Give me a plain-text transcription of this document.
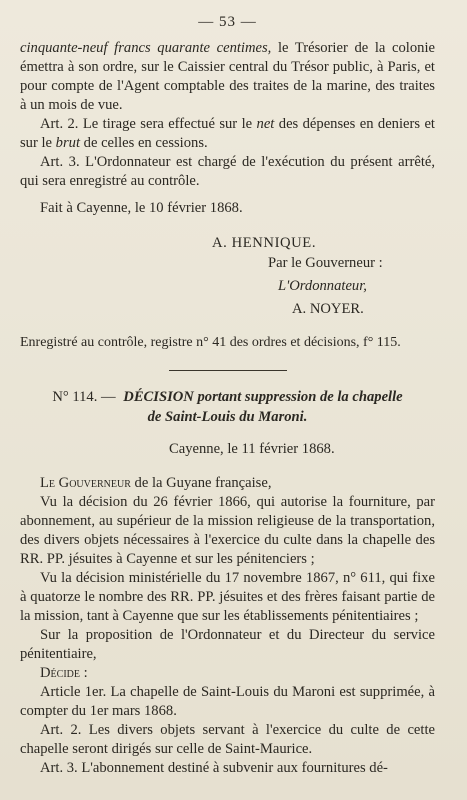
— 53 —

cinquante-neuf francs quarante centimes, le Trésorier de la colonie émettra à son ordre, sur le Caissier central du Trésor public, à Paris, et pour compte de l'Agent comptable des traites de la marine, des traites à un mois de vue.

Art. 2. Le tirage sera effectué sur le net des dépenses en deniers et sur le brut de celles en cessions.

Art. 3. L'Ordonnateur est chargé de l'exécution du présent arrêté, qui sera enregistré au contrôle.

Fait à Cayenne, le 10 février 1868.

A. HENNIQUE.
Par le Gouverneur :
L'Ordonnateur,
A. NOYER.
Enregistré au contrôle, registre n° 41 des ordres et décisions, f° 115.
N° 114. — DÉCISION portant suppression de la chapelle
de Saint-Louis du Maroni.
Cayenne, le 11 février 1868.

Le Gouverneur de la Guyane française,

Vu la décision du 26 février 1866, qui autorise la fourniture, par abonnement, au supérieur de la mission religieuse de la transportation, des divers objets nécessaires à l'exercice du culte dans la chapelle des RR. PP. jésuites à Cayenne et sur les pénitenciers ;

Vu la décision ministérielle du 17 novembre 1867, n° 611, qui fixe à quatorze le nombre des RR. PP. jésuites et des frères faisant partie de la mission, tant à Cayenne que sur les établissements pénitentiaires ;

Sur la proposition de l'Ordonnateur et du Directeur du service pénitentiaire,

Décide :

Article 1er. La chapelle de Saint-Louis du Maroni est supprimée, à compter du 1er mars 1868.

Art. 2. Les divers objets servant à l'exercice du culte de cette chapelle seront dirigés sur celle de Saint-Maurice.

Art. 3. L'abonnement destiné à subvenir aux fournitures dé-
